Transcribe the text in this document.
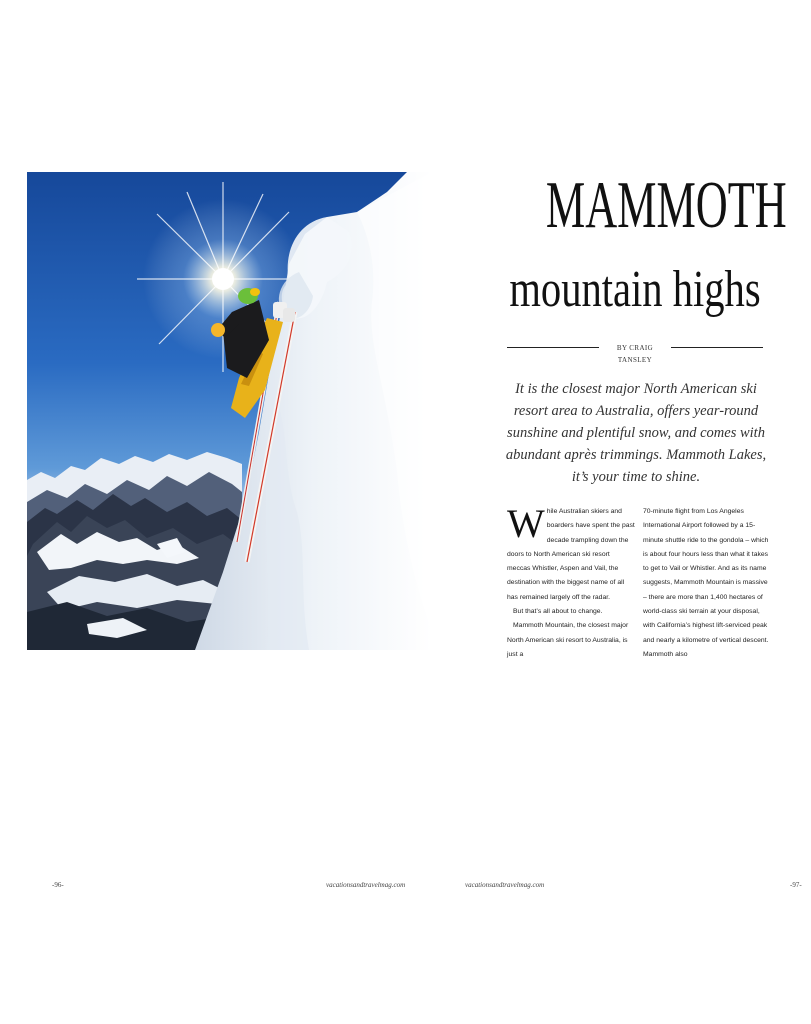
MAMMOTH
mountain highs
BY CRAIG TANSLEY

It is the closest major North American ski resort area to Australia, offers year-round sunshine and plentiful snow, and comes with abundant après trimmings. Mammoth Lakes, it’s your time to shine.

While Australian skiers and boarders have spent the past decade trampling down the doors to North American ski resort meccas Whistler, Aspen and Vail, the destination with the biggest name of all has remained largely off the radar.

But that’s all about to change.

Mammoth Mountain, the closest major North American ski resort to Australia, is just a

70-minute flight from Los Angeles International Airport followed by a 15-minute shuttle ride to the gondola – which is about four hours less than what it takes to get to Vail or Whistler. And as its name suggests, Mammoth Mountain is massive – there are more than 1,400 hectares of world-class ski terrain at your disposal, with California’s highest lift-serviced peak and nearly a kilometre of vertical descent. Mammoth also

-96-	vacationsandtravelmag.com	vacationsandtravelmag.com	-97-
